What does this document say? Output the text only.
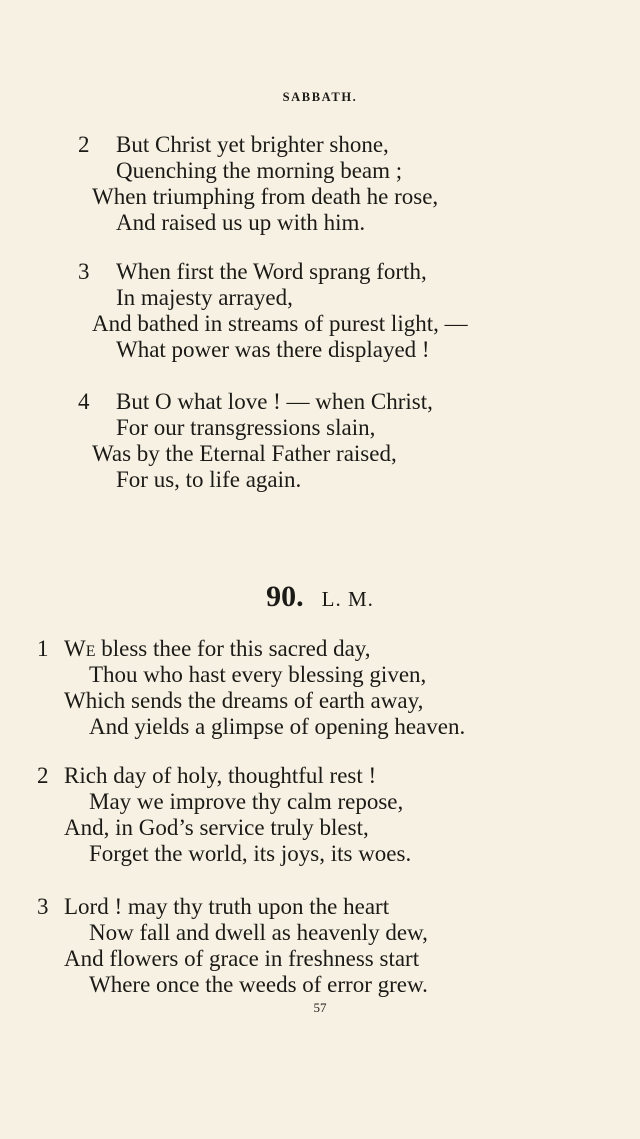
SABBATH.
2 But Christ yet brighter shone,
Quenching the morning beam ;
When triumphing from death he rose,
And raised us up with him.
3 When first the Word sprang forth,
In majesty arrayed,
And bathed in streams of purest light, —
What power was there displayed !
4 But O what love ! — when Christ,
For our transgressions slain,
Was by the Eternal Father raised,
For us, to life again.
90. L. M.
1 We bless thee for this sacred day,
Thou who hast every blessing given,
Which sends the dreams of earth away,
And yields a glimpse of opening heaven.
2 Rich day of holy, thoughtful rest !
May we improve thy calm repose,
And, in God’s service truly blest,
Forget the world, its joys, its woes.
3 Lord ! may thy truth upon the heart
Now fall and dwell as heavenly dew,
And flowers of grace in freshness start
Where once the weeds of error grew.
57
